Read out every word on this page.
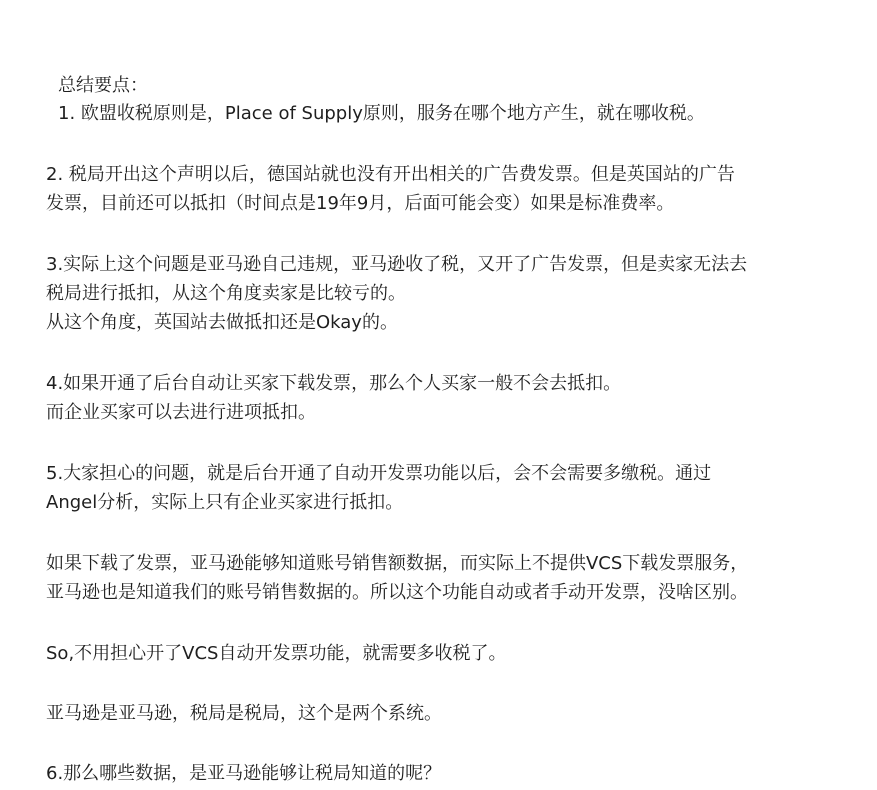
总结要点：
1. 欧盟收税原则是，Place of Supply原则，服务在哪个地方产生，就在哪收税。
2. 税局开出这个声明以后，德国站就也没有开出相关的广告费发票。但是英国站的广告
发票，目前还可以抵扣（时间点是19年9月，后面可能会变）如果是标准费率。
3.实际上这个问题是亚马逊自己违规，亚马逊收了税，又开了广告发票，但是卖家无法去
税局进行抵扣，从这个角度卖家是比较亏的。
从这个角度，英国站去做抵扣还是Okay的。
4.如果开通了后台自动让买家下载发票，那么个人买家一般不会去抵扣。
而企业买家可以去进行进项抵扣。
5.大家担心的问题，就是后台开通了自动开发票功能以后，会不会需要多缴税。通过
Angel分析，实际上只有企业买家进行抵扣。
如果下载了发票，亚马逊能够知道账号销售额数据，而实际上不提供VCS下载发票服务，
亚马逊也是知道我们的账号销售数据的。所以这个功能自动或者手动开发票，没啥区别。
So,不用担心开了VCS自动开发票功能，就需要多收税了。
亚马逊是亚马逊，税局是税局，这个是两个系统。
6.那么哪些数据，是亚马逊能够让税局知道的呢？
